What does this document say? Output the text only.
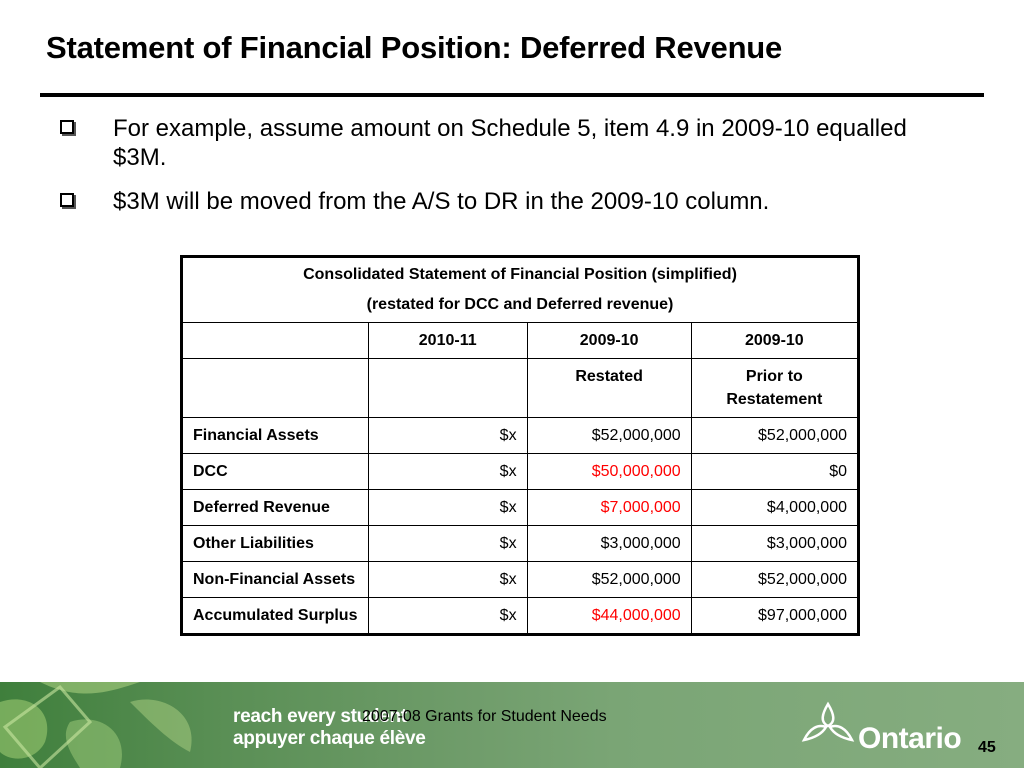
Statement of Financial Position: Deferred Revenue
For example, assume amount on Schedule 5, item 4.9 in 2009-10 equalled $3M.
$3M will be moved from the A/S to DR in the 2009-10 column.
Consolidated Statement of Financial Position (simplified)
(restated for DCC and Deferred revenue)			

	2010-11	2009-10	2009-10
		Restated	Prior to Restatement
Financial Assets	$x	$52,000,000	$52,000,000
DCC	$x	$50,000,000	$0
Deferred Revenue	$x	$7,000,000	$4,000,000
Other Liabilities	$x	$3,000,000	$3,000,000
Non-Financial Assets	$x	$52,000,000	$52,000,000
Accumulated Surplus	$x	$44,000,000	$97,000,000
reach every student
appuyer chaque élève
2007-08 Grants for Student Needs
Ontario 45
